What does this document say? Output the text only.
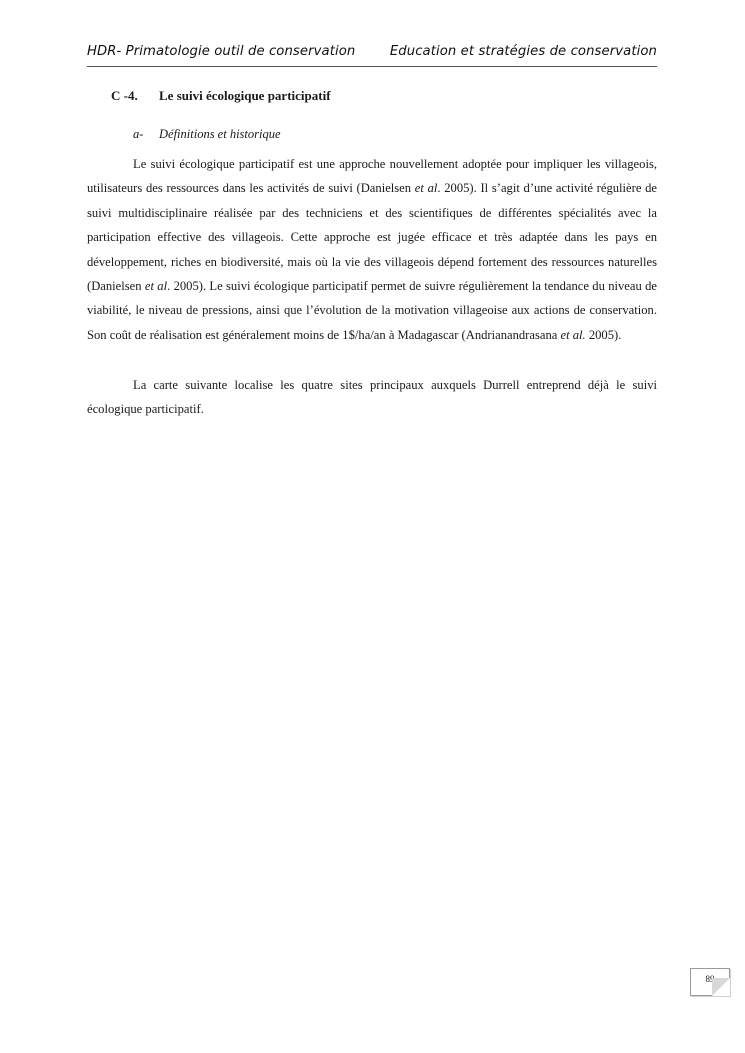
HDR- Primatologie outil de conservation	Education et stratégies de conservation
C -4. Le suivi écologique participatif
a- Définitions et historique

Le suivi écologique participatif est une approche nouvellement adoptée pour impliquer les villageois, utilisateurs des ressources dans les activités de suivi (Danielsen et al. 2005). Il s’agit d’une activité régulière de suivi multidisciplinaire réalisée par des techniciens et des scientifiques de différentes spécialités avec la participation effective des villageois. Cette approche est jugée efficace et très adaptée dans les pays en développement, riches en biodiversité, mais où la vie des villageois dépend fortement des ressources naturelles (Danielsen et al. 2005). Le suivi écologique participatif permet de suivre régulièrement la tendance du niveau de viabilité, le niveau de pressions, ainsi que l’évolution de la motivation villageoise aux actions de conservation. Son coût de réalisation est généralement moins de 1$/ha/an à Madagascar (Andrianandrasana et al. 2005).

La carte suivante localise les quatre sites principaux auxquels Durrell entreprend déjà le suivi écologique participatif.

89
